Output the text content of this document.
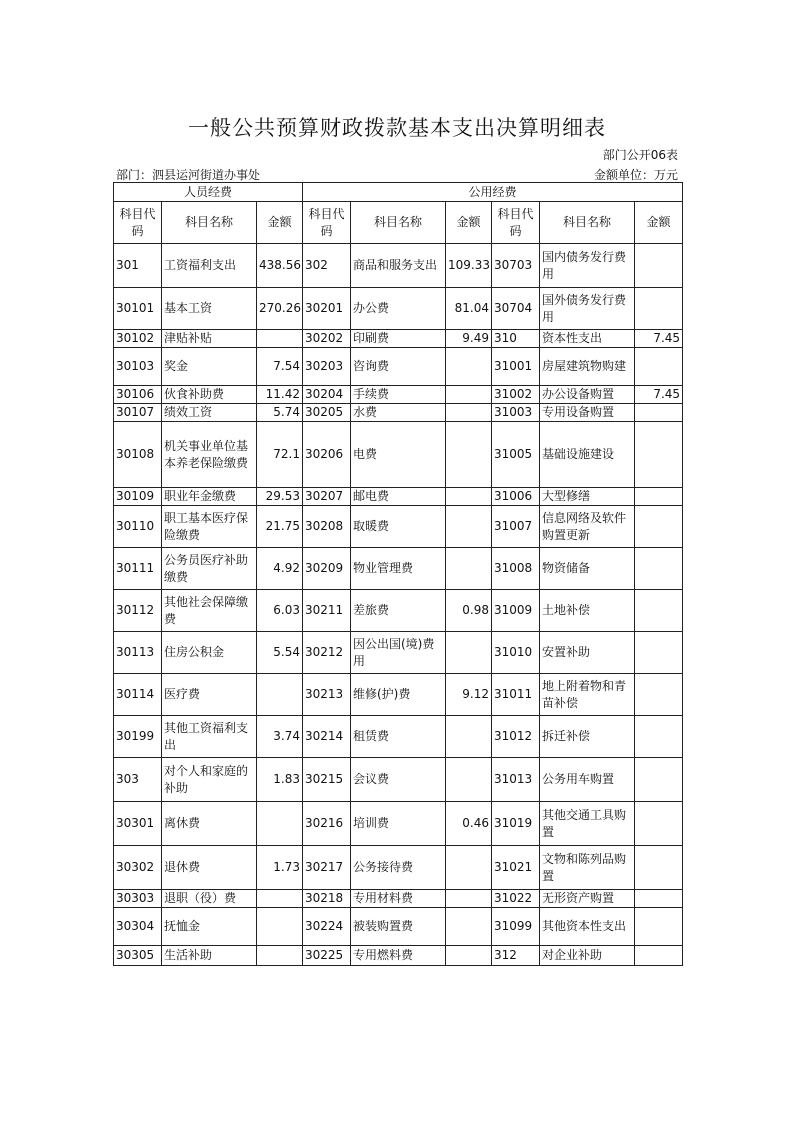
一般公共预算财政拨款基本支出决算明细表
部门公开06表
部门：泗县运河街道办事处	金额单位：万元
人员经费			公用经费					
科目代码	科目名称	金额	科目代码	科目名称	金额	科目代码	科目名称	金额
301	工资福利支出	438.56	302	商品和服务支出	109.33	30703	国内债务发行费用	
30101	基本工资	270.26	30201	办公费	81.04	30704	国外债务发行费用	
30102	津贴补贴		30202	印刷费	9.49	310	资本性支出	7.45
30103	奖金	7.54	30203	咨询费		31001	房屋建筑物购建	
30106	伙食补助费	11.42	30204	手续费		31002	办公设备购置	7.45
30107	绩效工资	5.74	30205	水费		31003	专用设备购置	
30108	机关事业单位基本养老保险缴费	72.1	30206	电费		31005	基础设施建设	
30109	职业年金缴费	29.53	30207	邮电费		31006	大型修缮	
30110	职工基本医疗保险缴费	21.75	30208	取暖费		31007	信息网络及软件购置更新	
30111	公务员医疗补助缴费	4.92	30209	物业管理费		31008	物资储备	
30112	其他社会保障缴费	6.03	30211	差旅费	0.98	31009	土地补偿	
30113	住房公积金	5.54	30212	因公出国(境)费用		31010	安置补助	
30114	医疗费		30213	维修(护)费	9.12	31011	地上附着物和青苗补偿	
30199	其他工资福利支出	3.74	30214	租赁费		31012	拆迁补偿	
303	对个人和家庭的补助	1.83	30215	会议费		31013	公务用车购置	
30301	离休费		30216	培训费	0.46	31019	其他交通工具购置	
30302	退休费	1.73	30217	公务接待费		31021	文物和陈列品购置	
30303	退职（役）费		30218	专用材料费		31022	无形资产购置	
30304	抚恤金		30224	被装购置费		31099	其他资本性支出	
30305	生活补助		30225	专用燃料费		312	对企业补助	
